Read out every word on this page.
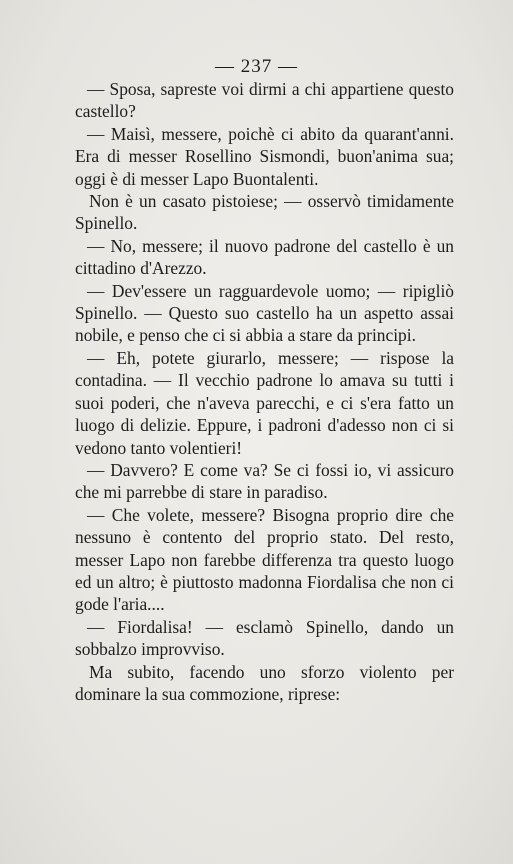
— 237 —

— Sposa, sapreste voi dirmi a chi appartiene questo castello?

— Maisì, messere, poichè ci abito da quarant'anni. Era di messer Rosellino Sismondi, buon'anima sua; oggi è di messer Lapo Buontalenti.

Non è un casato pistoiese; — osservò timidamente Spinello.

— No, messere; il nuovo padrone del castello è un cittadino d'Arezzo.

— Dev'essere un ragguardevole uomo; — ripigliò Spinello. — Questo suo castello ha un aspetto assai nobile, e penso che ci si abbia a stare da principi.

— Eh, potete giurarlo, messere; — rispose la contadina. — Il vecchio padrone lo amava su tutti i suoi poderi, che n'aveva parecchi, e ci s'era fatto un luogo di delizie. Eppure, i padroni d'adesso non ci si vedono tanto volentieri!

— Davvero? E come va? Se ci fossi io, vi assicuro che mi parrebbe di stare in paradiso.

— Che volete, messere? Bisogna proprio dire che nessuno è contento del proprio stato. Del resto, messer Lapo non farebbe differenza tra questo luogo ed un altro; è piuttosto madonna Fiordalisa che non ci gode l'aria....

— Fiordalisa! — esclamò Spinello, dando un sobbalzo improvviso.

Ma subito, facendo uno sforzo violento per dominare la sua commozione, riprese:
